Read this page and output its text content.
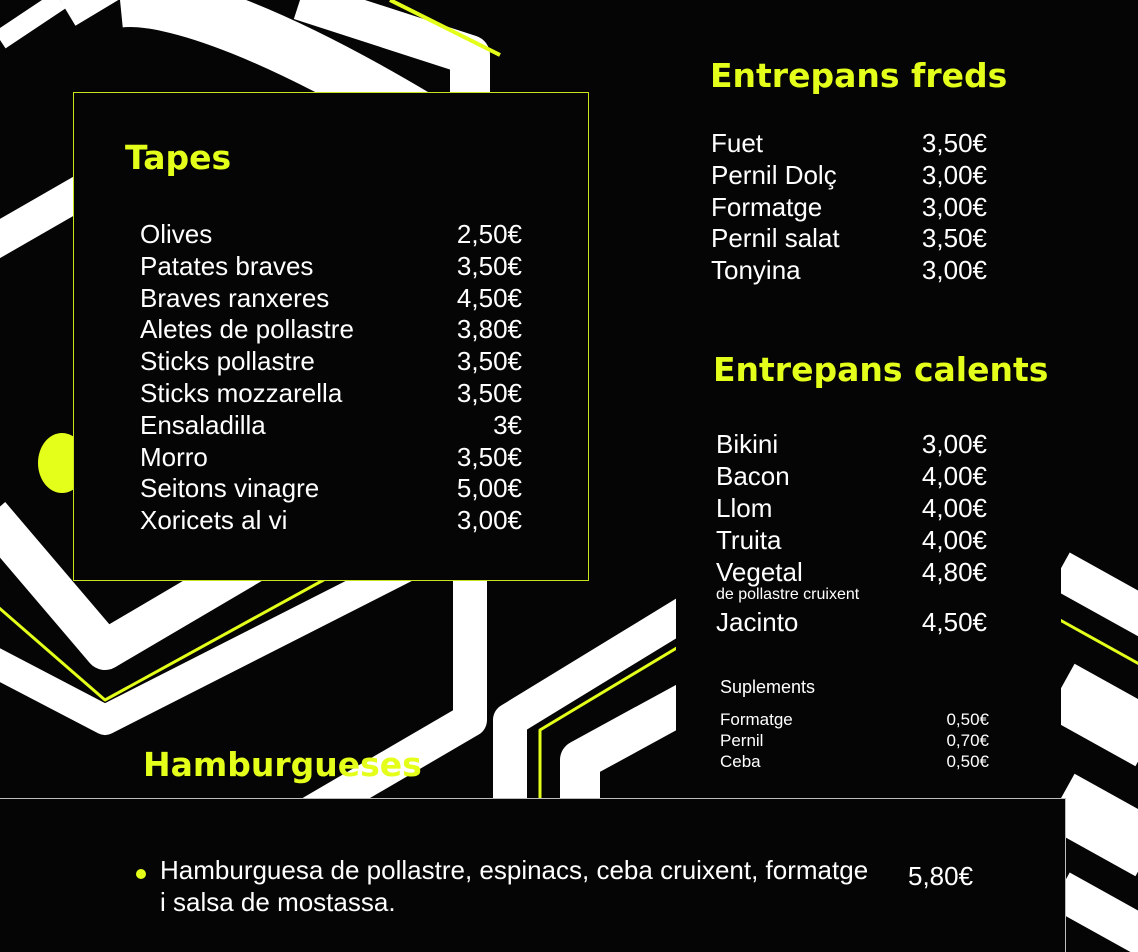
Tapes
Olives	2,50€
Patates braves	3,50€
Braves ranxeres	4,50€
Aletes de pollastre	3,80€
Sticks pollastre	3,50€
Sticks mozzarella	3,50€
Ensaladilla	3€
Morro	3,50€
Seitons vinagre	5,00€
Xoricets al vi	3,00€
Entrepans freds
Fuet	3,50€
Pernil Dolç	3,00€
Formatge	3,00€
Pernil salat	3,50€
Tonyina	3,00€
Entrepans calents
Bikini	3,00€
Bacon	4,00€
Llom	4,00€
Truita	4,00€
Vegetal	4,80€
Jacinto	4,50€
de pollastre cruixent
Suplements
Formatge	0,50€
Pernil	0,70€
Ceba	0,50€
Hamburgueses
Hamburguesa de pollastre, espinacs, ceba cruixent, formatge i salsa de mostassa.
5,80€
